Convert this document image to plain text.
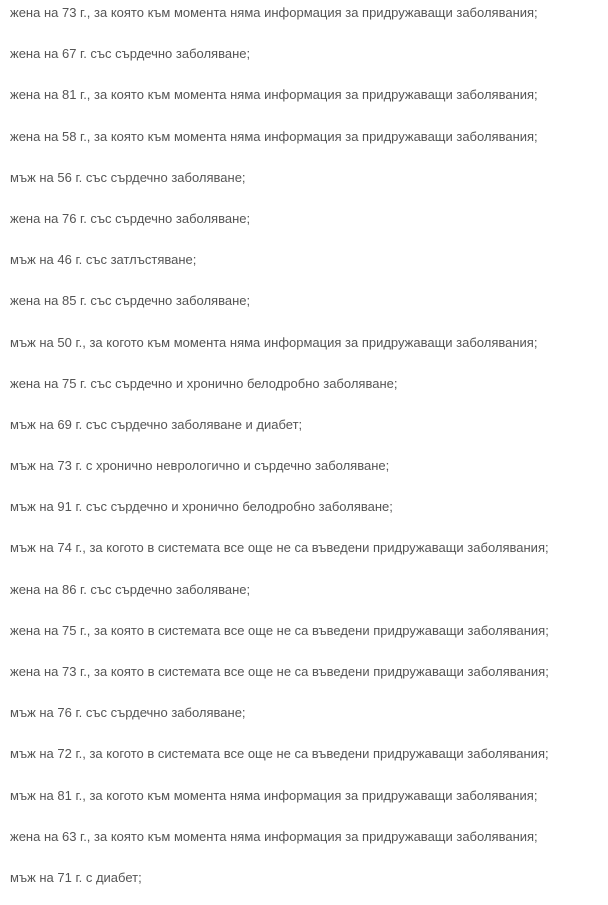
жена на 73 г., за която към момента няма информация за придружаващи заболявания;

жена на 67 г. със сърдечно заболяване;

жена на 81 г., за която към момента няма информация за придружаващи заболявания;

жена на 58 г., за която към момента няма информация за придружаващи заболявания;

мъж на 56 г. със сърдечно заболяване;

жена на 76 г. със сърдечно заболяване;

мъж на 46 г. със затлъстяване;

жена на 85 г. със сърдечно заболяване;

мъж на 50 г., за когото към момента няма информация за придружаващи заболявания;

жена на 75 г. със сърдечно и хронично белодробно заболяване;

мъж на 69 г. със сърдечно заболяване и диабет;

мъж на 73 г. с хронично неврологично и сърдечно заболяване;

мъж на 91 г. със сърдечно и хронично белодробно заболяване;

мъж на 74 г., за когото в системата все още не са въведени придружаващи заболявания;

жена на 86 г. със сърдечно заболяване;

жена на 75 г., за която в системата все още не са въведени придружаващи заболявания;

жена на 73 г., за която в системата все още не са въведени придружаващи заболявания;

мъж на 76 г. със сърдечно заболяване;

мъж на 72 г., за когото в системата все още не са въведени придружаващи заболявания;

мъж на 81 г., за когото към момента няма информация за придружаващи заболявания;

жена на 63 г., за която към момента няма информация за придружаващи заболявания;

мъж на 71 г. с диабет;
